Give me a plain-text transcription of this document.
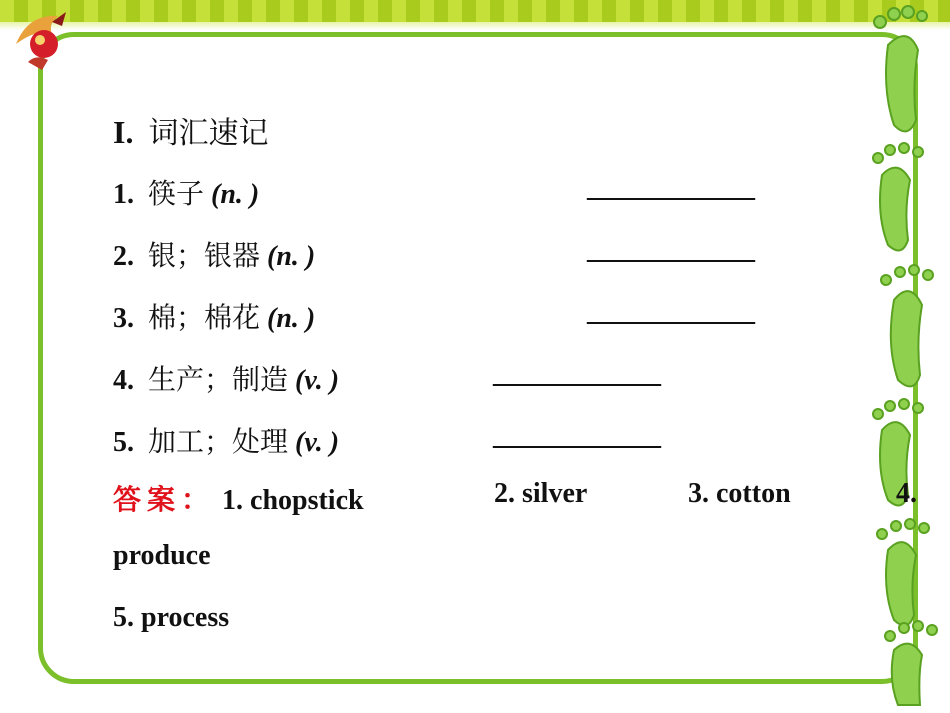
I. 词汇速记
1. 筷子 (n. )	____________
2. 银；银器 (n. )	____________
3. 棉；棉花 (n. )	____________
4. 生产；制造 (v. )	____________
5. 加工；处理 (v. )	____________
答案： 1. chopstick	2. silver	3. cotton	4.
produce
5. process
